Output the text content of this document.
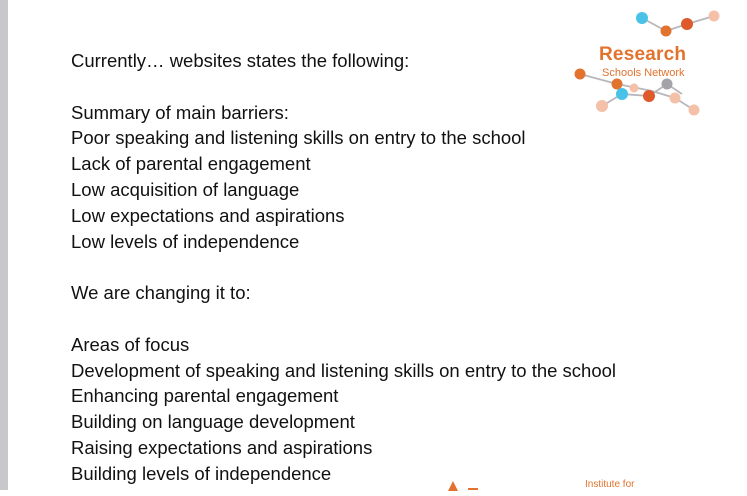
Currently… websites states the following:
Summary of main barriers:
Poor speaking and listening skills on entry to the school
Lack of parental engagement
Low acquisition of language
Low expectations and aspirations
Low levels of independence
We are changing it to:
Areas of focus
Development of speaking and listening skills on entry to the school
Enhancing parental engagement
Building on language development
Raising expectations and aspirations
Building levels of independence
Research
Schools Network
Institute for
